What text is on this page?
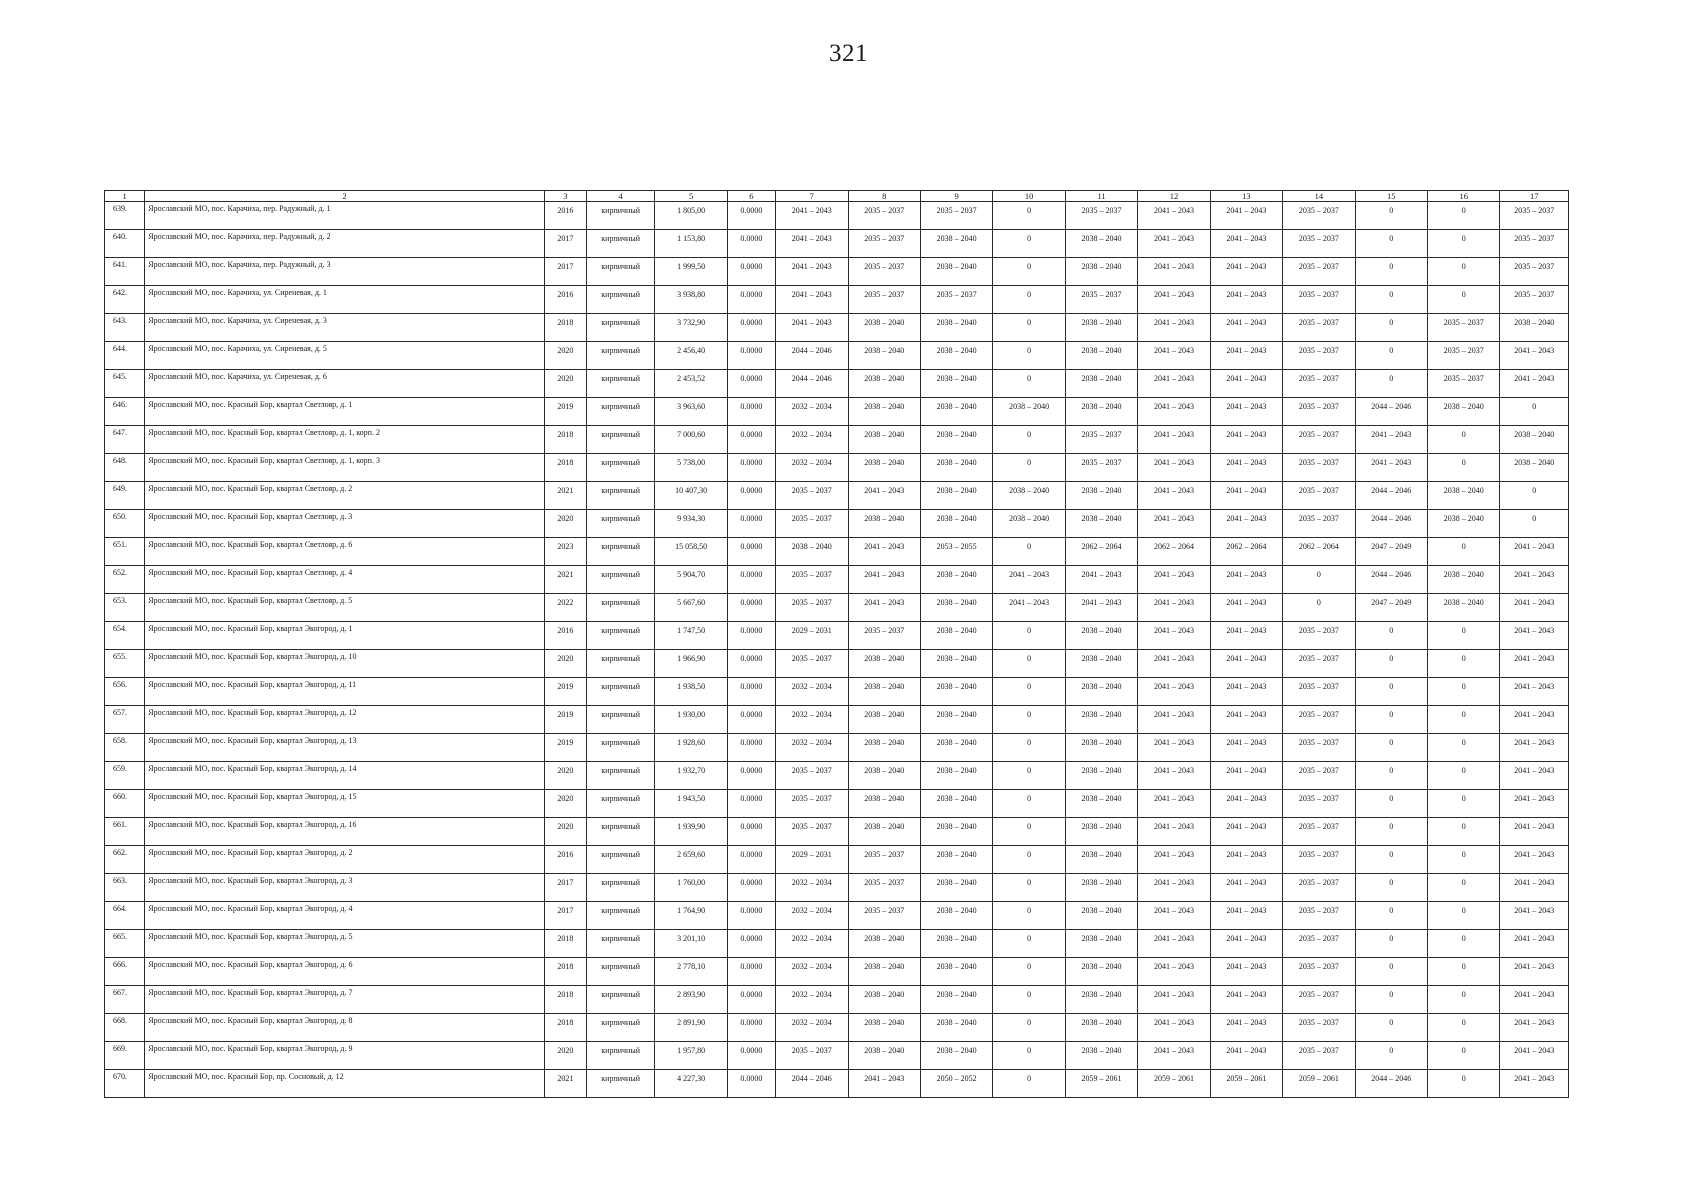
321
1	2	3	4	5	6	7	8	9	10	11	12	13	14	15	16	17
639.	Ярославский МО, пос. Карачиха, пер. Радужный, д. 1	2016	кирпичный	1 805,00	0.0000	2041 – 2043	2035 – 2037	2035 – 2037	0	2035 – 2037	2041 – 2043	2041 – 2043	2035 – 2037	0	0	2035 – 2037
640.	Ярославский МО, пос. Карачиха, пер. Радужный, д. 2	2017	кирпичный	1 153,80	0.0000	2041 – 2043	2035 – 2037	2038 – 2040	0	2038 – 2040	2041 – 2043	2041 – 2043	2035 – 2037	0	0	2035 – 2037
641.	Ярославский МО, пос. Карачиха, пер. Радужный, д. 3	2017	кирпичный	1 999,50	0.0000	2041 – 2043	2035 – 2037	2038 – 2040	0	2038 – 2040	2041 – 2043	2041 – 2043	2035 – 2037	0	0	2035 – 2037
642.	Ярославский МО, пос. Карачиха, ул. Сиреневая, д. 1	2016	кирпичный	3 938,80	0.0000	2041 – 2043	2035 – 2037	2035 – 2037	0	2035 – 2037	2041 – 2043	2041 – 2043	2035 – 2037	0	0	2035 – 2037
643.	Ярославский МО, пос. Карачиха, ул. Сиреневая, д. 3	2018	кирпичный	3 732,90	0.0000	2041 – 2043	2038 – 2040	2038 – 2040	0	2038 – 2040	2041 – 2043	2041 – 2043	2035 – 2037	0	2035 – 2037	2038 – 2040
644.	Ярославский МО, пос. Карачиха, ул. Сиреневая, д. 5	2020	кирпичный	2 456,40	0.0000	2044 – 2046	2038 – 2040	2038 – 2040	0	2038 – 2040	2041 – 2043	2041 – 2043	2035 – 2037	0	2035 – 2037	2041 – 2043
645.	Ярославский МО, пос. Карачиха, ул. Сиреневая, д. 6	2020	кирпичный	2 453,52	0.0000	2044 – 2046	2038 – 2040	2038 – 2040	0	2038 – 2040	2041 – 2043	2041 – 2043	2035 – 2037	0	2035 – 2037	2041 – 2043
646.	Ярославский МО, пос. Красный Бор, квартал Светлояр, д. 1	2019	кирпичный	3 963,60	0.0000	2032 – 2034	2038 – 2040	2038 – 2040	2038 – 2040	2038 – 2040	2041 – 2043	2041 – 2043	2035 – 2037	2044 – 2046	2038 – 2040	0
647.	Ярославский МО, пос. Красный Бор, квартал Светлояр, д. 1, корп. 2	2018	кирпичный	7 000,60	0.0000	2032 – 2034	2038 – 2040	2038 – 2040	0	2035 – 2037	2041 – 2043	2041 – 2043	2035 – 2037	2041 – 2043	0	2038 – 2040
648.	Ярославский МО, пос. Красный Бор, квартал Светлояр, д. 1, корп. 3	2018	кирпичный	5 738,00	0.0000	2032 – 2034	2038 – 2040	2038 – 2040	0	2035 – 2037	2041 – 2043	2041 – 2043	2035 – 2037	2041 – 2043	0	2038 – 2040
649.	Ярославский МО, пос. Красный Бор, квартал Светлояр, д. 2	2021	кирпичный	10 407,30	0.0000	2035 – 2037	2041 – 2043	2038 – 2040	2038 – 2040	2038 – 2040	2041 – 2043	2041 – 2043	2035 – 2037	2044 – 2046	2038 – 2040	0
650.	Ярославский МО, пос. Красный Бор, квартал Светлояр, д. 3	2020	кирпичный	9 934,30	0.0000	2035 – 2037	2038 – 2040	2038 – 2040	2038 – 2040	2038 – 2040	2041 – 2043	2041 – 2043	2035 – 2037	2044 – 2046	2038 – 2040	0
651.	Ярославский МО, пос. Красный Бор, квартал Светлояр, д. 6	2023	кирпичный	15 058,50	0.0000	2038 – 2040	2041 – 2043	2053 – 2055	0	2062 – 2064	2062 – 2064	2062 – 2064	2062 – 2064	2047 – 2049	0	2041 – 2043
652.	Ярославский МО, пос. Красный Бор, квартал Светлояр, д. 4	2021	кирпичный	5 904,70	0.0000	2035 – 2037	2041 – 2043	2038 – 2040	2041 – 2043	2041 – 2043	2041 – 2043	2041 – 2043	0	2044 – 2046	2038 – 2040	2041 – 2043
653.	Ярославский МО, пос. Красный Бор, квартал Светлояр, д. 5	2022	кирпичный	5 667,60	0.0000	2035 – 2037	2041 – 2043	2038 – 2040	2041 – 2043	2041 – 2043	2041 – 2043	2041 – 2043	0	2047 – 2049	2038 – 2040	2041 – 2043
654.	Ярославский МО, пос. Красный Бор, квартал Экогород, д. 1	2016	кирпичный	1 747,50	0.0000	2029 – 2031	2035 – 2037	2038 – 2040	0	2038 – 2040	2041 – 2043	2041 – 2043	2035 – 2037	0	0	2041 – 2043
655.	Ярославский МО, пос. Красный Бор, квартал Экогород, д. 10	2020	кирпичный	1 966,90	0.0000	2035 – 2037	2038 – 2040	2038 – 2040	0	2038 – 2040	2041 – 2043	2041 – 2043	2035 – 2037	0	0	2041 – 2043
656.	Ярославский МО, пос. Красный Бор, квартал Экогород, д. 11	2019	кирпичный	1 938,50	0.0000	2032 – 2034	2038 – 2040	2038 – 2040	0	2038 – 2040	2041 – 2043	2041 – 2043	2035 – 2037	0	0	2041 – 2043
657.	Ярославский МО, пос. Красный Бор, квартал Экогород, д. 12	2019	кирпичный	1 930,00	0.0000	2032 – 2034	2038 – 2040	2038 – 2040	0	2038 – 2040	2041 – 2043	2041 – 2043	2035 – 2037	0	0	2041 – 2043
658.	Ярославский МО, пос. Красный Бор, квартал Экогород, д. 13	2019	кирпичный	1 928,60	0.0000	2032 – 2034	2038 – 2040	2038 – 2040	0	2038 – 2040	2041 – 2043	2041 – 2043	2035 – 2037	0	0	2041 – 2043
659.	Ярославский МО, пос. Красный Бор, квартал Экогород, д. 14	2020	кирпичный	1 932,70	0.0000	2035 – 2037	2038 – 2040	2038 – 2040	0	2038 – 2040	2041 – 2043	2041 – 2043	2035 – 2037	0	0	2041 – 2043
660.	Ярославский МО, пос. Красный Бор, квартал Экогород, д. 15	2020	кирпичный	1 943,50	0.0000	2035 – 2037	2038 – 2040	2038 – 2040	0	2038 – 2040	2041 – 2043	2041 – 2043	2035 – 2037	0	0	2041 – 2043
661.	Ярославский МО, пос. Красный Бор, квартал Экогород, д. 16	2020	кирпичный	1 939,90	0.0000	2035 – 2037	2038 – 2040	2038 – 2040	0	2038 – 2040	2041 – 2043	2041 – 2043	2035 – 2037	0	0	2041 – 2043
662.	Ярославский МО, пос. Красный Бор, квартал Экогород, д. 2	2016	кирпичный	2 659,60	0.0000	2029 – 2031	2035 – 2037	2038 – 2040	0	2038 – 2040	2041 – 2043	2041 – 2043	2035 – 2037	0	0	2041 – 2043
663.	Ярославский МО, пос. Красный Бор, квартал Экогород, д. 3	2017	кирпичный	1 760,00	0.0000	2032 – 2034	2035 – 2037	2038 – 2040	0	2038 – 2040	2041 – 2043	2041 – 2043	2035 – 2037	0	0	2041 – 2043
664.	Ярославский МО, пос. Красный Бор, квартал Экогород, д. 4	2017	кирпичный	1 764,90	0.0000	2032 – 2034	2035 – 2037	2038 – 2040	0	2038 – 2040	2041 – 2043	2041 – 2043	2035 – 2037	0	0	2041 – 2043
665.	Ярославский МО, пос. Красный Бор, квартал Экогород, д. 5	2018	кирпичный	3 201,10	0.0000	2032 – 2034	2038 – 2040	2038 – 2040	0	2038 – 2040	2041 – 2043	2041 – 2043	2035 – 2037	0	0	2041 – 2043
666.	Ярославский МО, пос. Красный Бор, квартал Экогород, д. 6	2018	кирпичный	2 778,10	0.0000	2032 – 2034	2038 – 2040	2038 – 2040	0	2038 – 2040	2041 – 2043	2041 – 2043	2035 – 2037	0	0	2041 – 2043
667.	Ярославский МО, пос. Красный Бор, квартал Экогород, д. 7	2018	кирпичный	2 893,90	0.0000	2032 – 2034	2038 – 2040	2038 – 2040	0	2038 – 2040	2041 – 2043	2041 – 2043	2035 – 2037	0	0	2041 – 2043
668.	Ярославский МО, пос. Красный Бор, квартал Экогород, д. 8	2018	кирпичный	2 891,90	0.0000	2032 – 2034	2038 – 2040	2038 – 2040	0	2038 – 2040	2041 – 2043	2041 – 2043	2035 – 2037	0	0	2041 – 2043
669.	Ярославский МО, пос. Красный Бор, квартал Экогород, д. 9	2020	кирпичный	1 957,80	0.0000	2035 – 2037	2038 – 2040	2038 – 2040	0	2038 – 2040	2041 – 2043	2041 – 2043	2035 – 2037	0	0	2041 – 2043
670.	Ярославский МО, пос. Красный Бор, пр. Сосновый, д. 12	2021	кирпичный	4 227,30	0.0000	2044 – 2046	2041 – 2043	2050 – 2052	0	2059 – 2061	2059 – 2061	2059 – 2061	2059 – 2061	2044 – 2046	0	2041 – 2043
